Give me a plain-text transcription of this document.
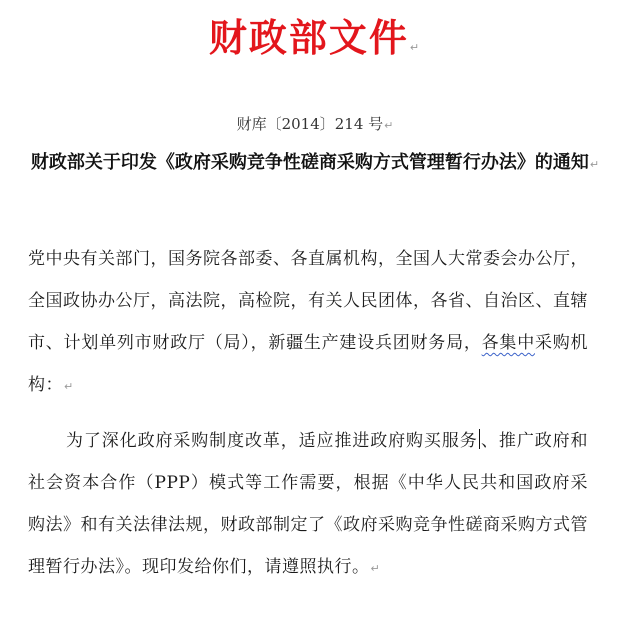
财政部文件↵
财库〔2014〕214 号↵
财政部关于印发《政府采购竞争性磋商采购方式管理暂行办法》的通知↵
党中央有关部门，国务院各部委、各直属机构，全国人大常委会办公厅，全国政协办公厅，高法院，高检院，有关人民团体，各省、自治区、直辖市、计划单列市财政厅（局），新疆生产建设兵团财务局，各集中采购机构：↵
为了深化政府采购制度改革，适应推进政府购买服务 、推广政府和社会资本合作（PPP）模式等工作需要，根据《中华人民共和国政府采购法》和有关法律法规，财政部制定了《政府采购竞争性磋商采购方式管理暂行办法》。现印发给你们，请遵照执行。↵
